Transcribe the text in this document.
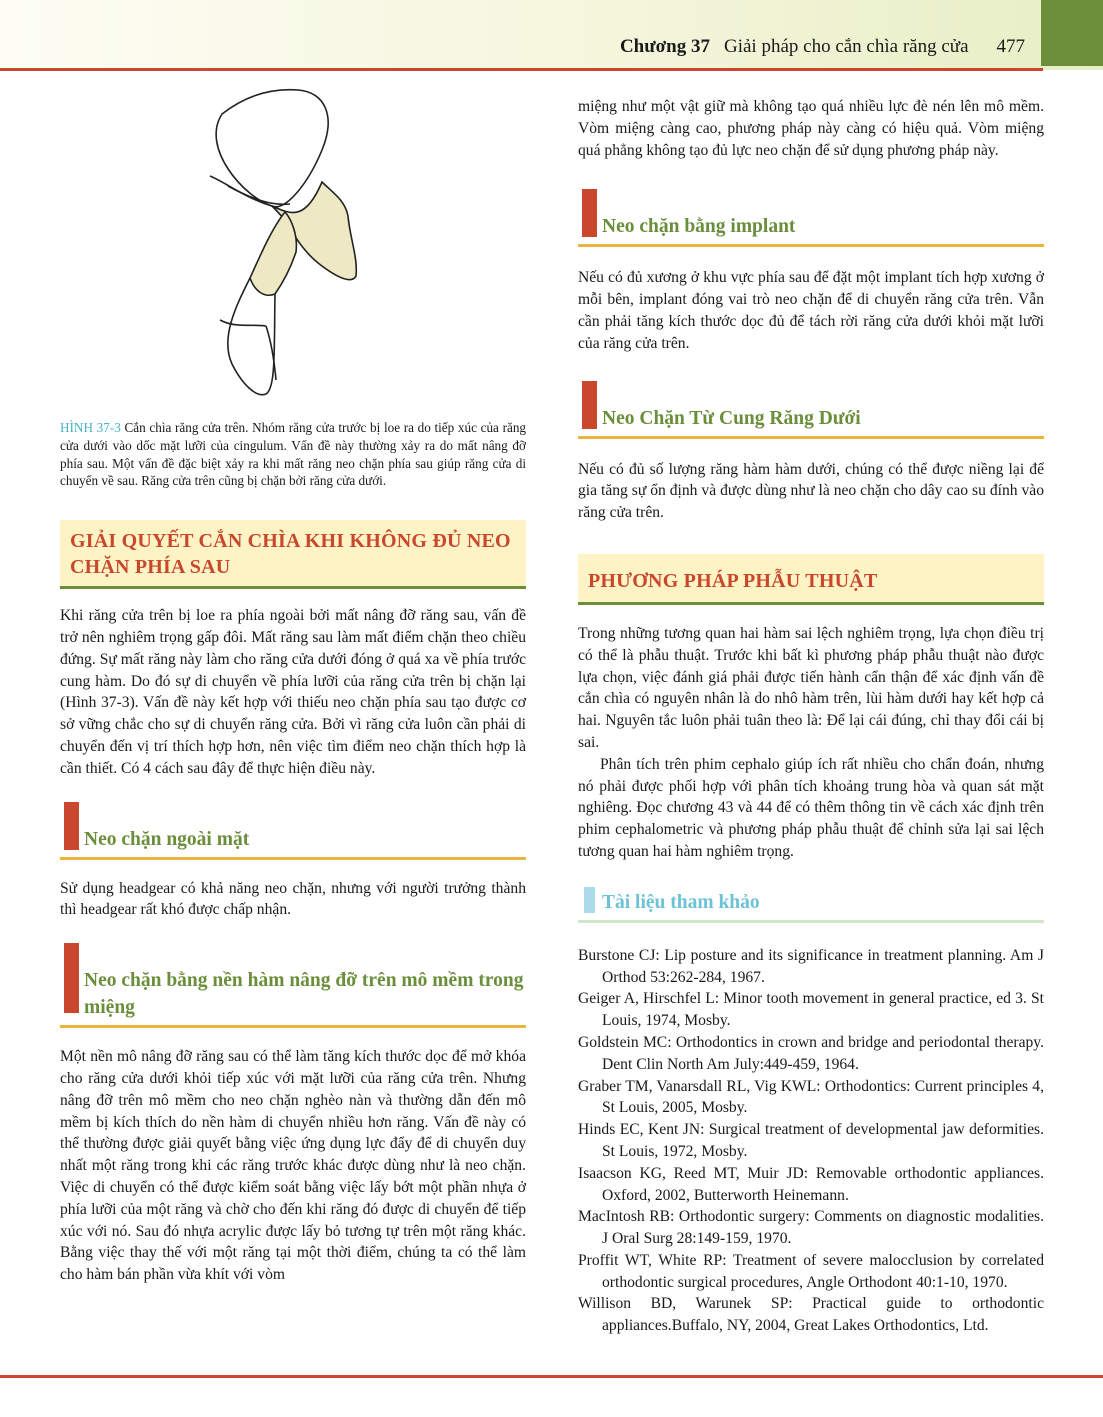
Chương 37 Giải pháp cho cắn chìa răng cửa 477

HÌNH 37-3 Cắn chìa răng cửa trên. Nhóm răng cửa trước bị loe ra do tiếp xúc của răng cửa dưới vào dốc mặt lưỡi của cingulum. Vấn đề này thường xảy ra do mất nâng đỡ phía sau. Một vấn đề đặc biệt xảy ra khi mất răng neo chặn phía sau giúp răng cửa di chuyển về sau. Răng cửa trên cũng bị chặn bởi răng cửa dưới.

GIẢI QUYẾT CẮN CHÌA KHI KHÔNG ĐỦ NEO CHẶN PHÍA SAU

Khi răng cửa trên bị loe ra phía ngoài bởi mất nâng đỡ răng sau, vấn đề trở nên nghiêm trọng gấp đôi. Mất răng sau làm mất điểm chặn theo chiều đứng. Sự mất răng này làm cho răng cửa dưới đóng ở quá xa về phía trước cung hàm. Do đó sự di chuyển về phía lưỡi của răng cửa trên bị chặn lại (Hình 37-3). Vấn đề này kết hợp với thiếu neo chặn phía sau tạo được cơ sở vững chắc cho sự di chuyển răng cửa. Bởi vì răng cửa luôn cần phải di chuyển đến vị trí thích hợp hơn, nên việc tìm điểm neo chặn thích hợp là cần thiết. Có 4 cách sau đây để thực hiện điều này.

Neo chặn ngoài mặt

Sử dụng headgear có khả năng neo chặn, nhưng với người trưởng thành thì headgear rất khó được chấp nhận.

Neo chặn bằng nền hàm nâng đỡ trên mô mềm trong miệng

Một nền mô nâng đỡ răng sau có thể làm tăng kích thước dọc để mở khóa cho răng cửa dưới khỏi tiếp xúc với mặt lưỡi của răng cửa trên. Nhưng nâng đỡ trên mô mềm cho neo chặn nghèo nàn và thường dẫn đến mô mềm bị kích thích do nền hàm di chuyển nhiều hơn răng. Vấn đề này có thể thường được giải quyết bằng việc ứng dụng lực đẩy để di chuyển duy nhất một răng trong khi các răng trước khác được dùng như là neo chặn. Việc di chuyển có thể được kiểm soát bằng việc lấy bớt một phần nhựa ở phía lưỡi của một răng và chờ cho đến khi răng đó được di chuyển để tiếp xúc với nó. Sau đó nhựa acrylic được lấy bỏ tương tự trên một răng khác. Bằng việc thay thế với một răng tại một thời điểm, chúng ta có thể làm cho hàm bán phần vừa khít với vòm

miệng như một vật giữ mà không tạo quá nhiều lực đè nén lên mô mềm. Vòm miệng càng cao, phương pháp này càng có hiệu quả. Vòm miệng quá phẳng không tạo đủ lực neo chặn để sử dụng phương pháp này.

Neo chặn bằng implant

Nếu có đủ xương ở khu vực phía sau để đặt một implant tích hợp xương ở mỗi bên, implant đóng vai trò neo chặn để di chuyển răng cửa trên. Vẫn cần phải tăng kích thước dọc đủ để tách rời răng cửa dưới khỏi mặt lưỡi của răng cửa trên.

Neo Chặn Từ Cung Răng Dưới

Nếu có đủ số lượng răng hàm hàm dưới, chúng có thể được niềng lại để gia tăng sự ổn định và được dùng như là neo chặn cho dây cao su đính vào răng cửa trên.

PHƯƠNG PHÁP PHẪU THUẬT

Trong những tương quan hai hàm sai lệch nghiêm trọng, lựa chọn điều trị có thể là phẫu thuật. Trước khi bất kì phương pháp phẫu thuật nào được lựa chọn, việc đánh giá phải được tiến hành cẩn thận để xác định vấn đề cắn chìa có nguyên nhân là do nhô hàm trên, lùi hàm dưới hay kết hợp cả hai. Nguyên tắc luôn phải tuân theo là: Để lại cái đúng, chỉ thay đổi cái bị sai.

Phân tích trên phim cephalo giúp ích rất nhiều cho chẩn đoán, nhưng nó phải được phối hợp với phân tích khoảng trung hòa và quan sát mặt nghiêng. Đọc chương 43 và 44 để có thêm thông tin về cách xác định trên phim cephalometric và phương pháp phẫu thuật để chỉnh sửa lại sai lệch tương quan hai hàm nghiêm trọng.

Tài liệu tham khảo

Burstone CJ: Lip posture and its significance in treatment planning. Am J Orthod 53:262-284, 1967.

Geiger A, Hirschfel L: Minor tooth movement in general practice, ed 3. St Louis, 1974, Mosby.

Goldstein MC: Orthodontics in crown and bridge and periodontal therapy. Dent Clin North Am July:449-459, 1964.

Graber TM, Vanarsdall RL, Vig KWL: Orthodontics: Current principles 4, St Louis, 2005, Mosby.

Hinds EC, Kent JN: Surgical treatment of developmental jaw deformities. St Louis, 1972, Mosby.

Isaacson KG, Reed MT, Muir JD: Removable orthodontic appliances. Oxford, 2002, Butterworth Heinemann.

MacIntosh RB: Orthodontic surgery: Comments on diagnostic modalities. J Oral Surg 28:149-159, 1970.

Proffit WT, White RP: Treatment of severe malocclusion by correlated orthodontic surgical procedures, Angle Orthodont 40:1-10, 1970.

Willison BD, Warunek SP: Practical guide to orthodontic appliances.Buffalo, NY, 2004, Great Lakes Orthodontics, Ltd.
